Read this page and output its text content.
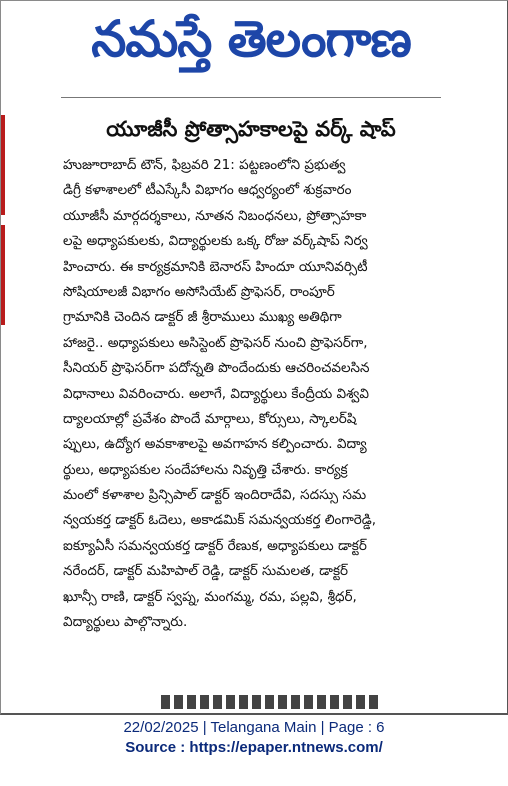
నమస్తే తెలంగాణ
యూజీసీ ప్రోత్సాహకాలపై వర్క్ షాప్
హుజూరాబాద్ టౌన్, ఫిబ్రవరి 21: పట్టణంలోని ప్రభుత్వ
డిగ్రీ కళాశాలలో టీఎస్కేసీ విభాగం ఆధ్వర్యంలో శుక్రవారం
యూజీసీ మార్గదర్శకాలు, నూతన నిబంధనలు, ప్రోత్సాహకా
లపై అధ్యాపకులకు, విద్యార్థులకు ఒక్క రోజు వర్క్‌షాప్ నిర్వ
హించారు. ఈ కార్యక్రమానికి బెనారస్ హిందూ యూనివర్సిటీ
సోషియాలజీ విభాగం అసోసియేట్ ప్రొఫెసర్, రాంపూర్
గ్రామానికి చెందిన డాక్టర్ జీ శ్రీరాములు ముఖ్య అతిథిగా
హాజరై.. అధ్యాపకులు అసిస్టెంట్ ప్రొఫెసర్ నుంచి ప్రొఫెసర్‌గా,
సీనియర్ ప్రొఫెసర్‌గా పదోన్నతి పొందేందుకు ఆచరించవలసిన
విధానాలు వివరించారు. అలాగే, విద్యార్థులు కేంద్రీయ విశ్వవి
ద్యాలయాల్లో ప్రవేశం పొందే మార్గాలు, కోర్సులు, స్కాలర్‌షి
ప్పులు, ఉద్యోగ అవకాశాలపై అవగాహన కల్పించారు. విద్యా
ర్థులు, అధ్యాపకుల సందేహాలను నివృత్తి చేశారు. కార్యక్ర
మంలో కళాశాల ప్రిన్సిపాల్ డాక్టర్ ఇందిరాదేవి, సదస్సు సమ
న్వయకర్త డాక్టర్ ఓదెలు, అకాడమిక్ సమన్వయకర్త లింగారెడ్డి,
ఐక్యూఏసీ సమన్వయకర్త డాక్టర్ రేణుక, అధ్యాపకులు డాక్టర్
నరేందర్, డాక్టర్ మహిపాల్ రెడ్డి, డాక్టర్ సుమలత, డాక్టర్
ఖూన్సీ రాణి, డాక్టర్ స్వప్న, మంగమ్మ, రమ, పల్లవి, శ్రీధర్,
విద్యార్థులు పాల్గొన్నారు.
22/02/2025 | Telangana Main | Page : 6
Source : https://epaper.ntnews.com/
